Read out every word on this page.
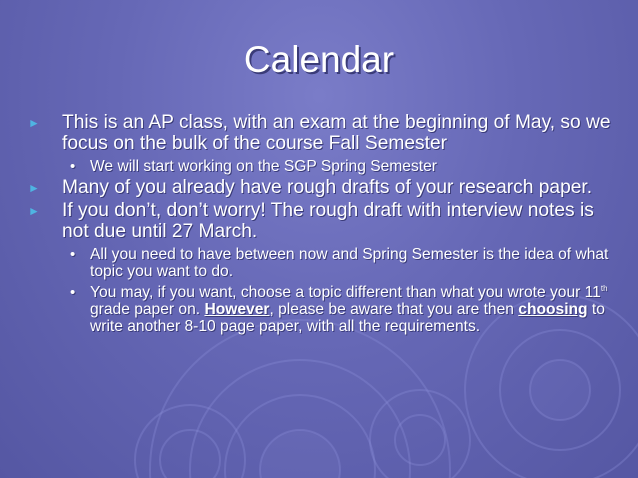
Calendar
► This is an AP class, with an exam at the beginning of May, so we focus on the bulk of the course Fall Semester
• We will start working on the SGP Spring Semester
► Many of you already have rough drafts of your research paper.
► If you don’t, don’t worry! The rough draft with interview notes is not due until 27 March.
• All you need to have between now and Spring Semester is the idea of what topic you want to do.
• You may, if you want, choose a topic different than what you wrote your 11th grade paper on. However, please be aware that you are then choosing to write another 8-10 page paper, with all the requirements.
